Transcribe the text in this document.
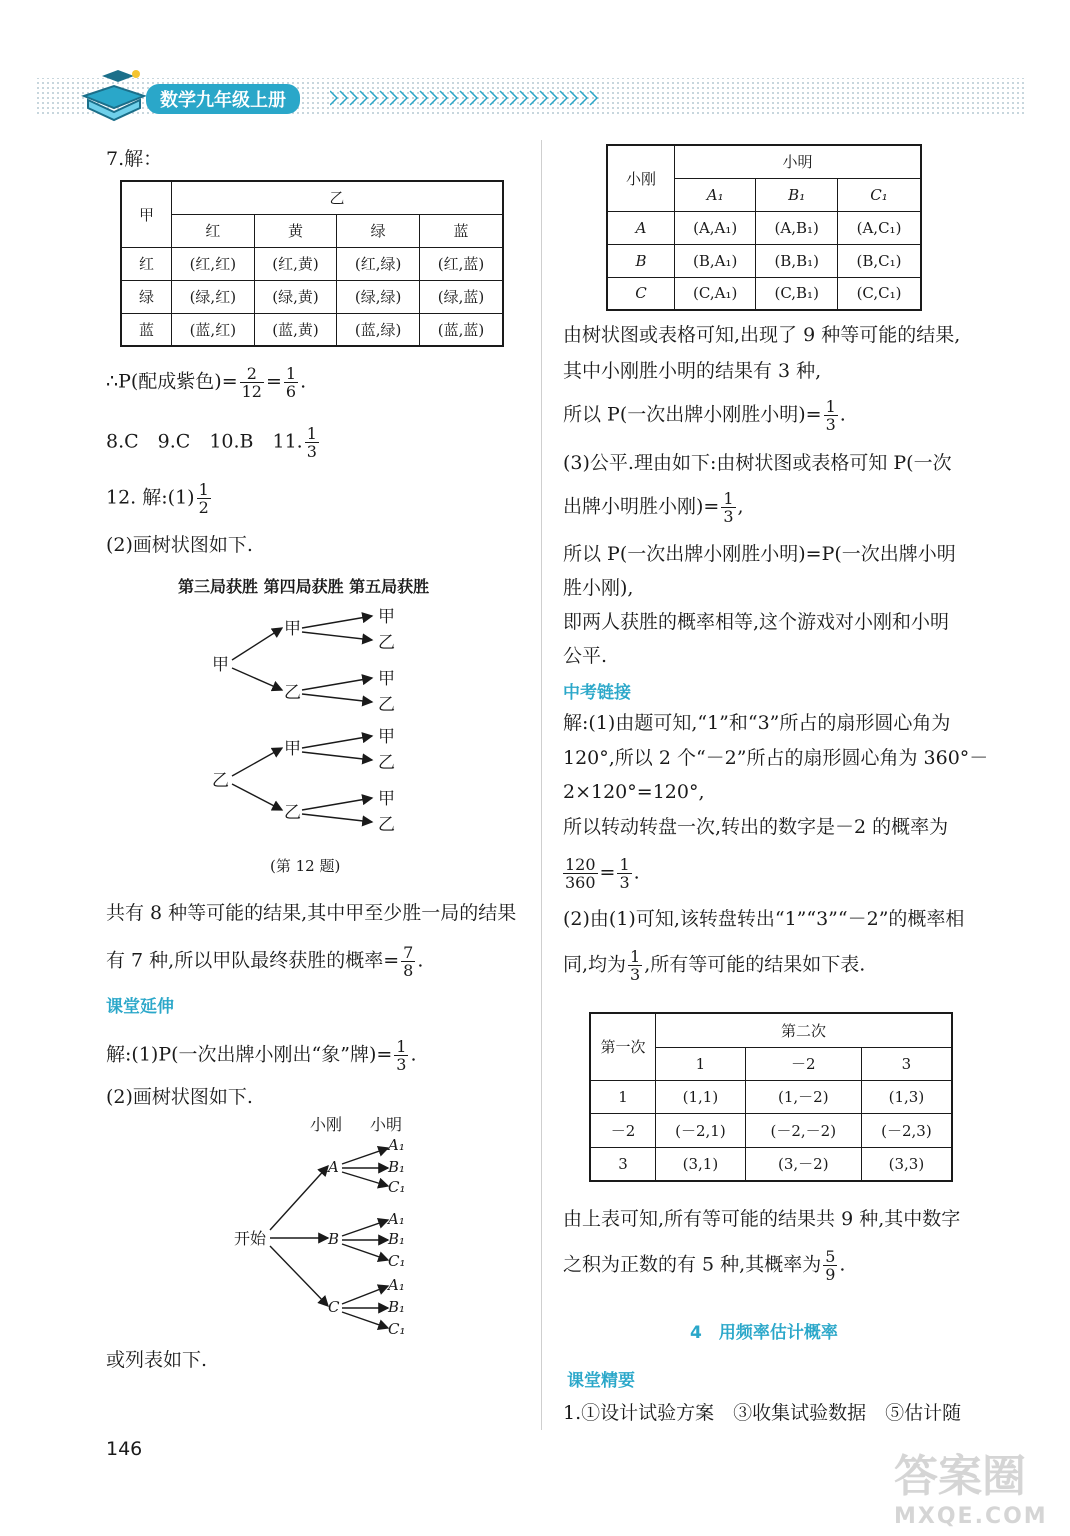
数学九年级上册
7.解：
甲	乙			
	红	黄	绿	蓝
红	(红,红)	(红,黄)	(红,绿)	(红,蓝)
绿	(绿,红)	(绿,黄)	(绿,绿)	(绿,蓝)
蓝	(蓝,红)	(蓝,黄)	(蓝,绿)	(蓝,蓝)
∴P(配成紫色)= $\frac{2}{12} = \frac{1}{6}$ .
8.C　9.C　10.B　11. $\frac{1}{3}$
12. 解:(1) $\frac{1}{2}$
(2)画树状图如下.
第三局获胜 第四局获胜 第五局获胜
甲
甲
乙
甲
乙
甲
乙
乙
甲
乙
甲
乙
甲
乙
(第 12 题)
共有 8 种等可能的结果,其中甲至少胜一局的结果
有 7 种,所以甲队最终获胜的概率= $\frac{7}{8}$ .
课堂延伸
解:(1)P(一次出牌小刚出“象”牌)= $\frac{1}{3}$ .
(2)画树状图如下.
小刚 小明
开始
A
B
C
A₁
B₁
C₁
A₁
B₁
C₁
A₁
B₁
C₁
或列表如下.
小刚	小明		
	A₁	B₁	C₁
A	(A,A₁)	(A,B₁)	(A,C₁)
B	(B,A₁)	(B,B₁)	(B,C₁)
C	(C,A₁)	(C,B₁)	(C,C₁)
由树状图或表格可知,出现了 9 种等可能的结果,
其中小刚胜小明的结果有 3 种,
所以 P(一次出牌小刚胜小明)= $\frac{1}{3}$ .
(3)公平.理由如下:由树状图或表格可知 P(一次
出牌小明胜小刚)= $\frac{1}{3}$ ,
所以 P(一次出牌小刚胜小明)=P(一次出牌小明
胜小刚),
即两人获胜的概率相等,这个游戏对小刚和小明
公平.
中考链接
解:(1)由题可知,“1”和“3”所占的扇形圆心角为
120°,所以 2 个“－2”所占的扇形圆心角为 360°－
2×120°=120°,
所以转动转盘一次,转出的数字是－2 的概率为
$\frac{120}{360} = \frac{1}{3}$ .
(2)由(1)可知,该转盘转出“1”“3”“－2”的概率相
同,均为 $\frac{1}{3}$ ,所有等可能的结果如下表.
第一次	第二次		
	1	－2	3
1	(1,1)	(1,－2)	(1,3)
－2	(－2,1)	(－2,－2)	(－2,3)
3	(3,1)	(3,－2)	(3,3)
由上表可知,所有等可能的结果共 9 种,其中数字
之积为正数的有 5 种,其概率为 $\frac{5}{9}$ .
4　用频率估计概率
课堂精要
1.①设计试验方案　③收集试验数据　⑤估计随
146
答案圈
MXQE.COM
